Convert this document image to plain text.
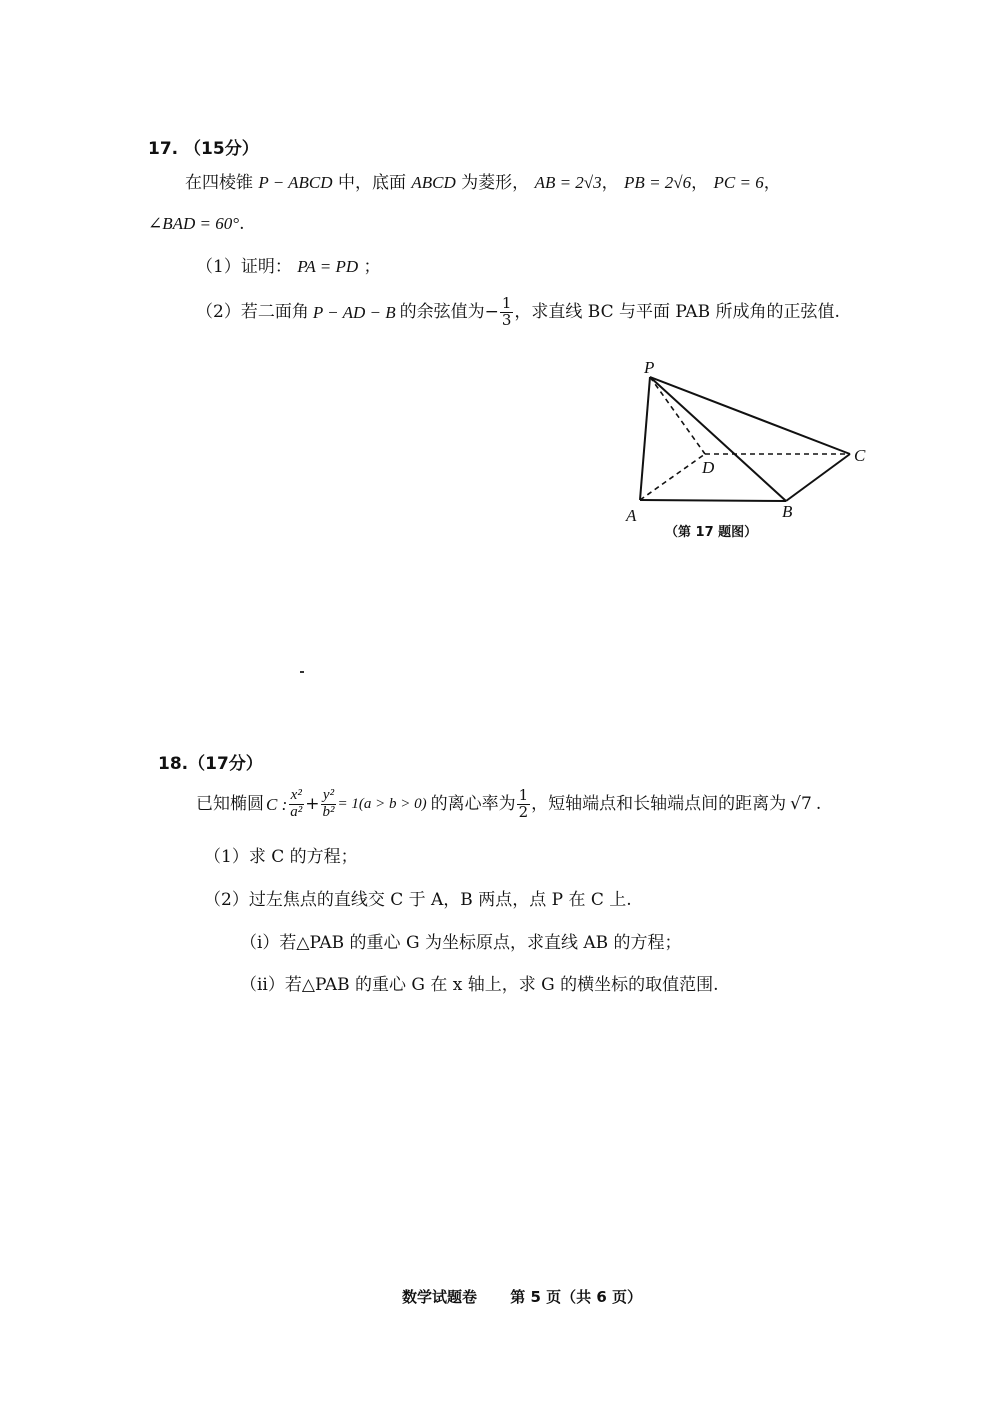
17. （15分）
在四棱锥 P − ABCD 中，底面 ABCD 为菱形， AB = 2√3， PB = 2√6， PC = 6，
∠BAD = 60°.
（1）证明： PA = PD ；
（2）若二面角 P − AD − B 的余弦值为 − $\frac{1}{3}$ ，求直线 BC 与平面 PAB 所成角的正弦值.
P
D
C
A	B
（第 17 题图）
18.（17分）
已知椭圆 C : $\frac{\text{x²}}{\text{a²}} + \frac{\text{y²}}{\text{b²}} = 1(a > b > 0)$ 的离心率为 $\frac{1}{2}$ ，短轴端点和长轴端点间的距离为 √7 .
（1）求 C 的方程；
（2）过左焦点的直线交 C 于 A，B 两点，点 P 在 C 上.
（i）若△PAB 的重心 G 为坐标原点，求直线 AB 的方程；
（ii）若△PAB 的重心 G 在 x 轴上，求 G 的横坐标的取值范围.
数学试题卷 第 5 页（共 6 页）
